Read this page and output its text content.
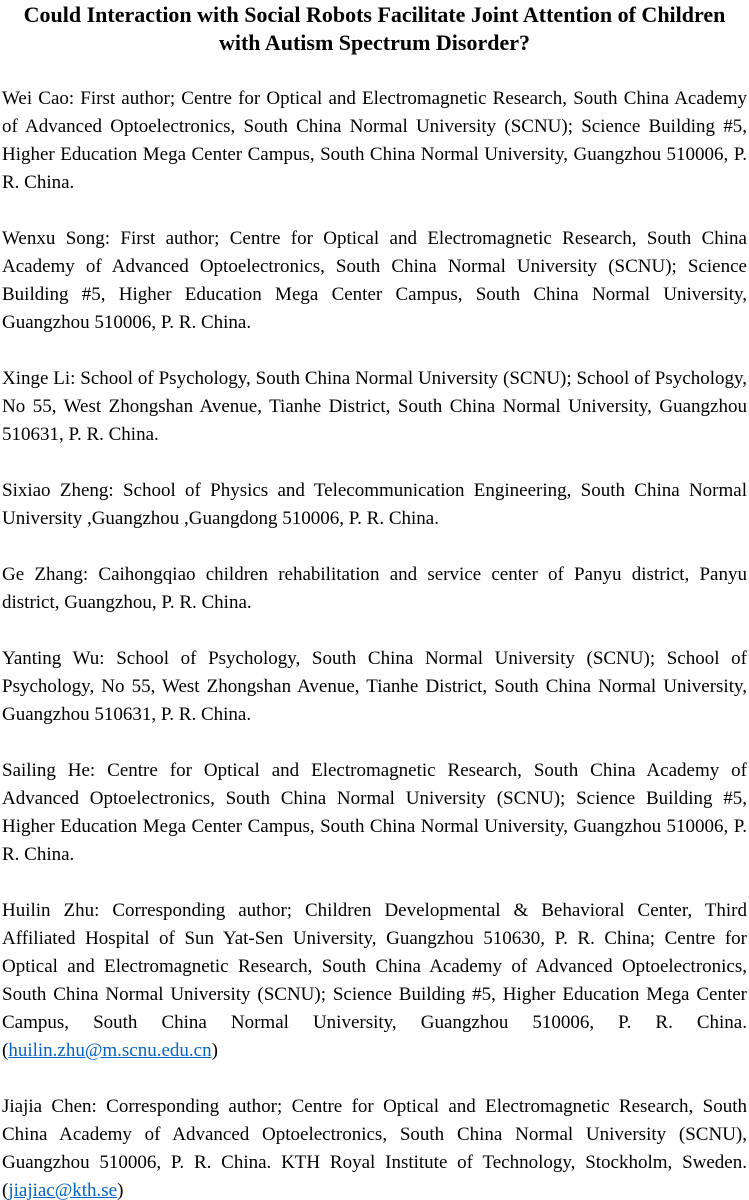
Could Interaction with Social Robots Facilitate Joint Attention of Children with Autism Spectrum Disorder?

Wei Cao: First author; Centre for Optical and Electromagnetic Research, South China Academy of Advanced Optoelectronics, South China Normal University (SCNU); Science Building #5, Higher Education Mega Center Campus, South China Normal University, Guangzhou 510006, P. R. China.

Wenxu Song: First author; Centre for Optical and Electromagnetic Research, South China Academy of Advanced Optoelectronics, South China Normal University (SCNU); Science Building #5, Higher Education Mega Center Campus, South China Normal University, Guangzhou 510006, P. R. China.

Xinge Li: School of Psychology, South China Normal University (SCNU); School of Psychology, No 55, West Zhongshan Avenue, Tianhe District, South China Normal University, Guangzhou 510631, P. R. China.

Sixiao Zheng: School of Physics and Telecommunication Engineering, South China Normal University ,Guangzhou ,Guangdong 510006, P. R. China.

Ge Zhang: Caihongqiao children rehabilitation and service center of Panyu district, Panyu district, Guangzhou, P. R. China.

Yanting Wu: School of Psychology, South China Normal University (SCNU); School of Psychology, No 55, West Zhongshan Avenue, Tianhe District, South China Normal University, Guangzhou 510631, P. R. China.

Sailing He: Centre for Optical and Electromagnetic Research, South China Academy of Advanced Optoelectronics, South China Normal University (SCNU); Science Building #5, Higher Education Mega Center Campus, South China Normal University, Guangzhou 510006, P. R. China.

Huilin Zhu: Corresponding author; Children Developmental & Behavioral Center, Third Affiliated Hospital of Sun Yat-Sen University, Guangzhou 510630, P. R. China; Centre for Optical and Electromagnetic Research, South China Academy of Advanced Optoelectronics, South China Normal University (SCNU); Science Building #5, Higher Education Mega Center Campus, South China Normal University, Guangzhou 510006, P. R. China. (huilin.zhu@m.scnu.edu.cn)

Jiajia Chen: Corresponding author; Centre for Optical and Electromagnetic Research, South China Academy of Advanced Optoelectronics, South China Normal University (SCNU), Guangzhou 510006, P. R. China. KTH Royal Institute of Technology, Stockholm, Sweden. (jiajiac@kth.se)
